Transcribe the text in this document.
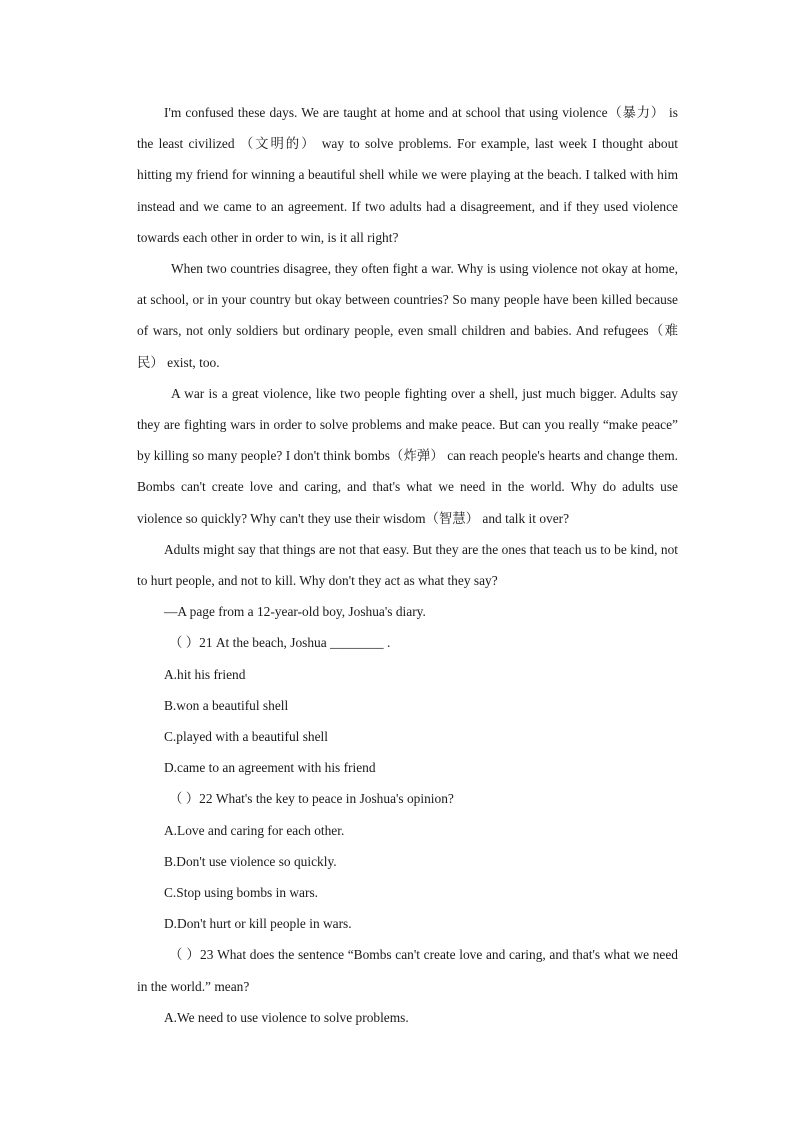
I'm confused these days. We are taught at home and at school that using violence（暴力） is the least civilized （文明的） way to solve problems. For example, last week I thought about hitting my friend for winning a beautiful shell while we were playing at the beach. I talked with him instead and we came to an agreement. If two adults had a disagreement, and if they used violence towards each other in order to win, is it all right?

When two countries disagree, they often fight a war. Why is using violence not okay at home, at school, or in your country but okay between countries? So many people have been killed because of wars, not only soldiers but ordinary people, even small children and babies. And refugees（难民） exist, too.

A war is a great violence, like two people fighting over a shell, just much bigger. Adults say they are fighting wars in order to solve problems and make peace. But can you really “make peace” by killing so many people? I don't think bombs（炸弹） can reach people's hearts and change them. Bombs can't create love and caring, and that's what we need in the world. Why do adults use violence so quickly? Why can't they use their wisdom（智慧） and talk it over?

Adults might say that things are not that easy. But they are the ones that teach us to be kind, not to hurt people, and not to kill. Why don't they act as what they say?

—A page from a 12-year-old boy, Joshua's diary.

（ ）21 At the beach, Joshua ________ .

A.hit his friend

B.won a beautiful shell

C.played with a beautiful shell

D.came to an agreement with his friend

（ ）22 What's the key to peace in Joshua's opinion?

A.Love and caring for each other.

B.Don't use violence so quickly.

C.Stop using bombs in wars.

D.Don't hurt or kill people in wars.

（ ）23 What does the sentence “Bombs can't create love and caring, and that's what we need in the world.” mean?

A.We need to use violence to solve problems.
